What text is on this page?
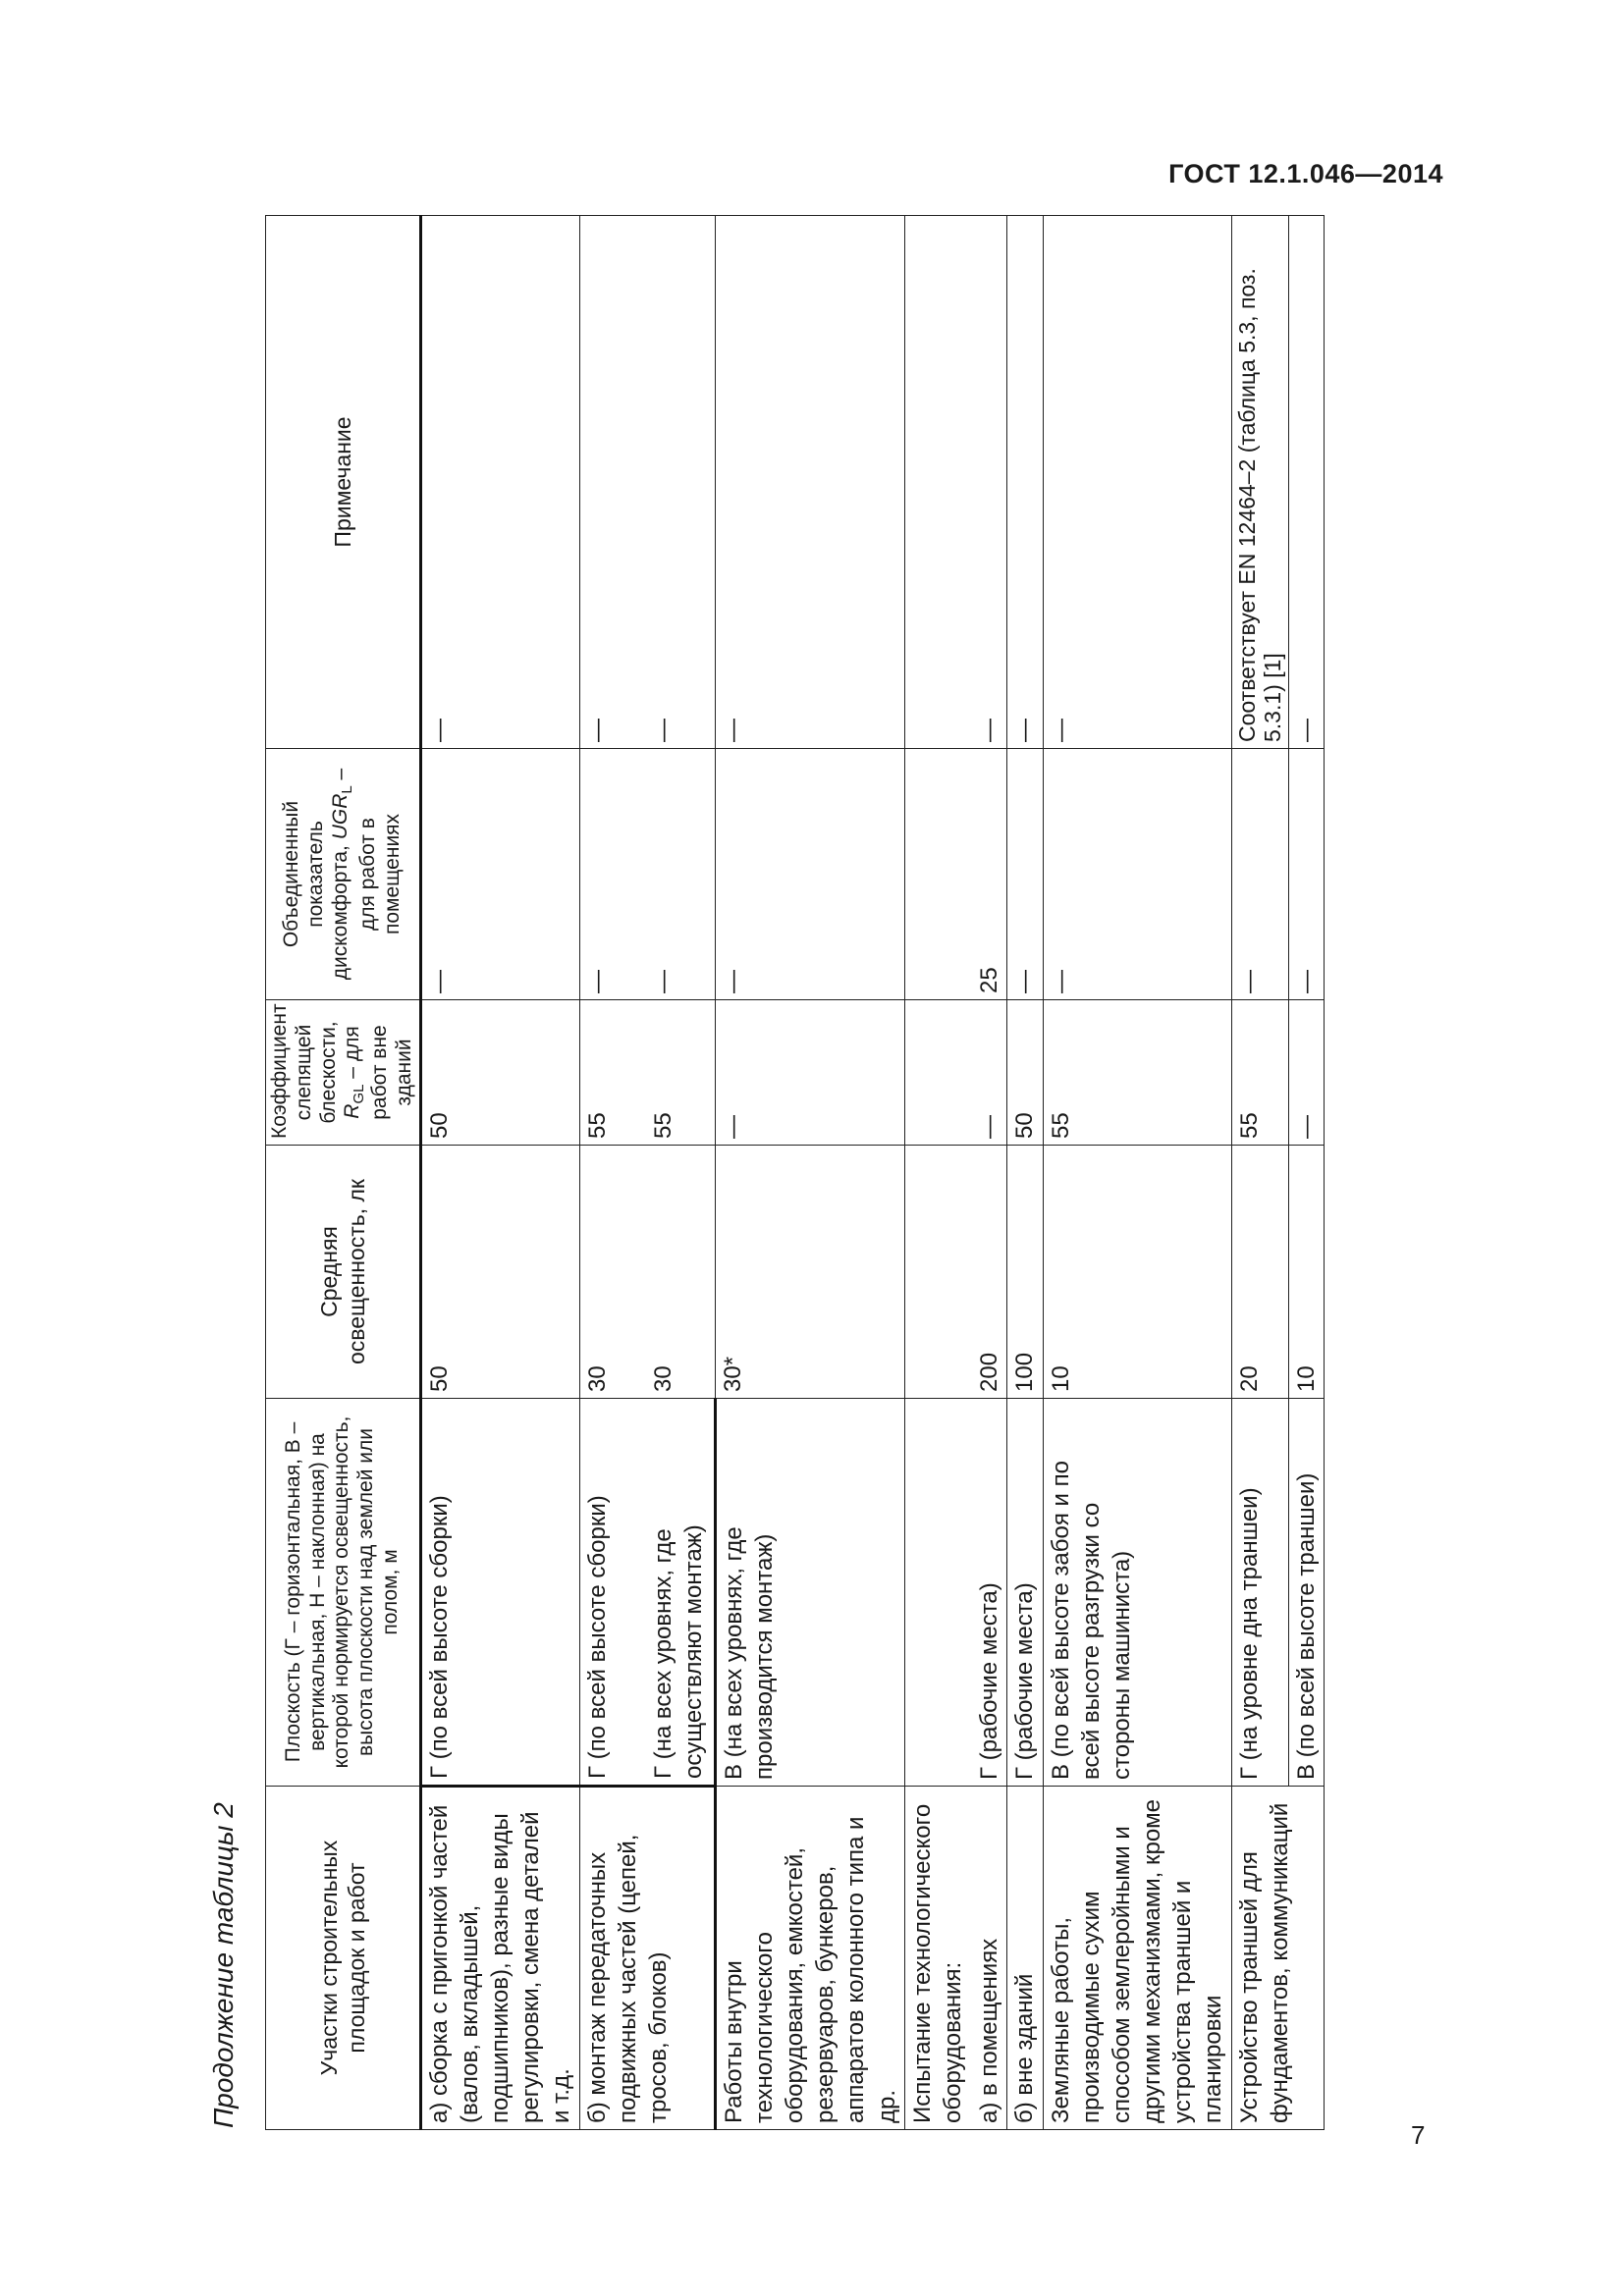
ГОСТ 12.1.046—2014
Продолжение таблицы 2	Участки строительных площадок и работ	Плоскость (Г – горизонтальная, В – вертикальная, Н – наклонная) на которой нормируется освещенность, высота плоскости над землей или полом, м	Средняя освещенность, лк	Коэффициент слепящей блескости, $R_{GL}$ – для работ вне зданий	Объединенный показатель дискомфорта, $UGR_L$ – для работ в помещениях	Примечание
а) сборка с пригонкой частей (валов, вкладышей, подшипников), разные виды регулировки, смена деталей и т.д.	Г (по всей высоте сборки)	50	50	—	—
б) монтаж передаточных подвижных частей (цепей, тросов, блоков)	Г (по всей высоте сборки)	30	55	—	—
	Г (на всех уровнях, где осуществляют монтаж)	30	55	—	—
Работы внутри технологического оборудования, емкостей, резервуаров, бункеров, аппаратов колонного типа и др.	В (на всех уровнях, где производится монтаж)	30*	—	—	—

Испытание технологического оборудования: а) в помещениях	Г (рабочие места)	200	—	25	—
б) вне зданий	Г (рабочие места)	100	50	—	—
Земляные работы, производимые сухим способом землеройными и другими механизмами, кроме устройства траншей и планировки	В (по всей высоте забоя и по всей высоте разгрузки со стороны машиниста)	10	55	—	—
Устройство траншей для фундаментов, коммуникаций	Г (на уровне дна траншеи)	20	55	—	Соответствует EN 12464–2 (таблица 5.3, поз. 5.3.1) [1]
	В (по всей высоте траншеи)	10	—	—	—
7
